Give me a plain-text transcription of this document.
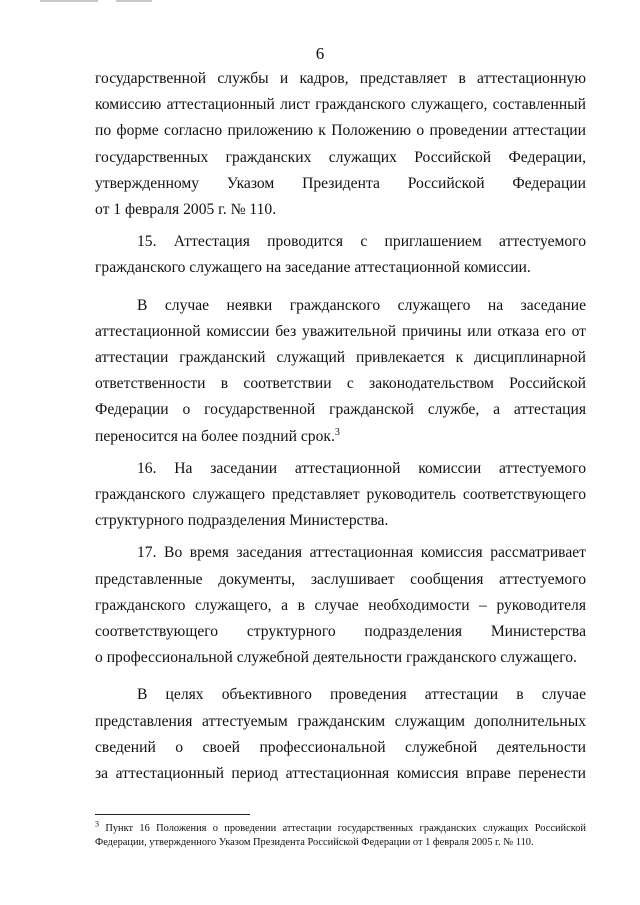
6

государственной службы и кадров, представляет в аттестационную

комиссию аттестационный лист гражданского служащего, составленный

по форме согласно приложению к Положению о проведении аттестации

государственных гражданских служащих Российской Федерации,

утвержденному Указом Президента Российской Федерации

от 1 февраля 2005 г. № 110.

15. Аттестация проводится с приглашением аттестуемого

гражданского служащего на заседание аттестационной комиссии.

В случае неявки гражданского служащего на заседание

аттестационной комиссии без уважительной причины или отказа его от

аттестации гражданский служащий привлекается к дисциплинарной

ответственности в соответствии с законодательством Российской

Федерации о государственной гражданской службе, а аттестация

переносится на более поздний срок.$^3$

16. На заседании аттестационной комиссии аттестуемого

гражданского служащего представляет руководитель соответствующего

структурного подразделения Министерства.

17. Во время заседания аттестационная комиссия рассматривает

представленные документы, заслушивает сообщения аттестуемого

гражданского служащего, а в случае необходимости – руководителя

соответствующего структурного подразделения Министерства

о профессиональной служебной деятельности гражданского служащего.

В целях объективного проведения аттестации в случае

представления аттестуемым гражданским служащим дополнительных

сведений о своей профессиональной служебной деятельности

за аттестационный период аттестационная комиссия вправе перенести

$^3$ Пункт 16 Положения о проведении аттестации государственных гражданских служащих Российской Федерации, утвержденного Указом Президента Российской Федерации от 1 февраля 2005 г. № 110.
